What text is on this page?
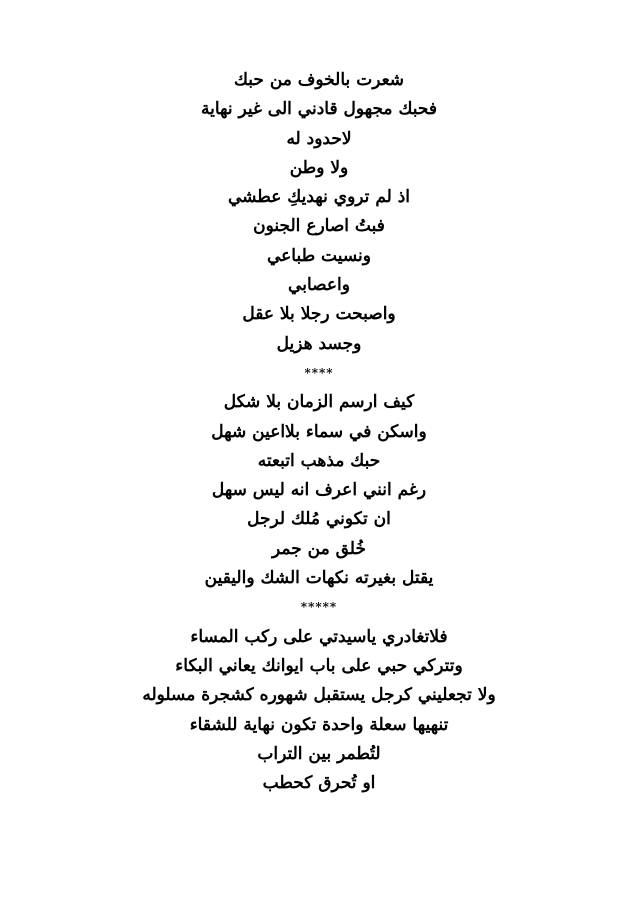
شعرت بالخوف من حبك
فحبك مجهول قادني الى غير نهاية
لاحدود له
ولا وطن
اذ لم تروي نهديكِ عطشي
فبتُ اصارع الجنون
ونسيت طباعي
واعصابي
واصبحت رجلا بلا عقل
وجسد هزيل
****
كيف ارسم الزمان بلا شكل
واسكن في سماء بلااعين شهل
حبك مذهب اتبعته
رغم انني اعرف انه ليس سهل
ان تكوني مُلك لرجل
خُلق من جمر
يقتل بغيرته نكهات الشك واليقين
*****
فلاتغادري ياسيدتي على ركب المساء
وتتركي حبي على باب ايوانك يعاني البكاء
ولا تجعليني كرجل يستقبل شهوره كشجرة مسلوله
تنهيها سعلة واحدة تكون نهاية للشقاء
لتُطمر بين التراب
او تُحرق كحطب
